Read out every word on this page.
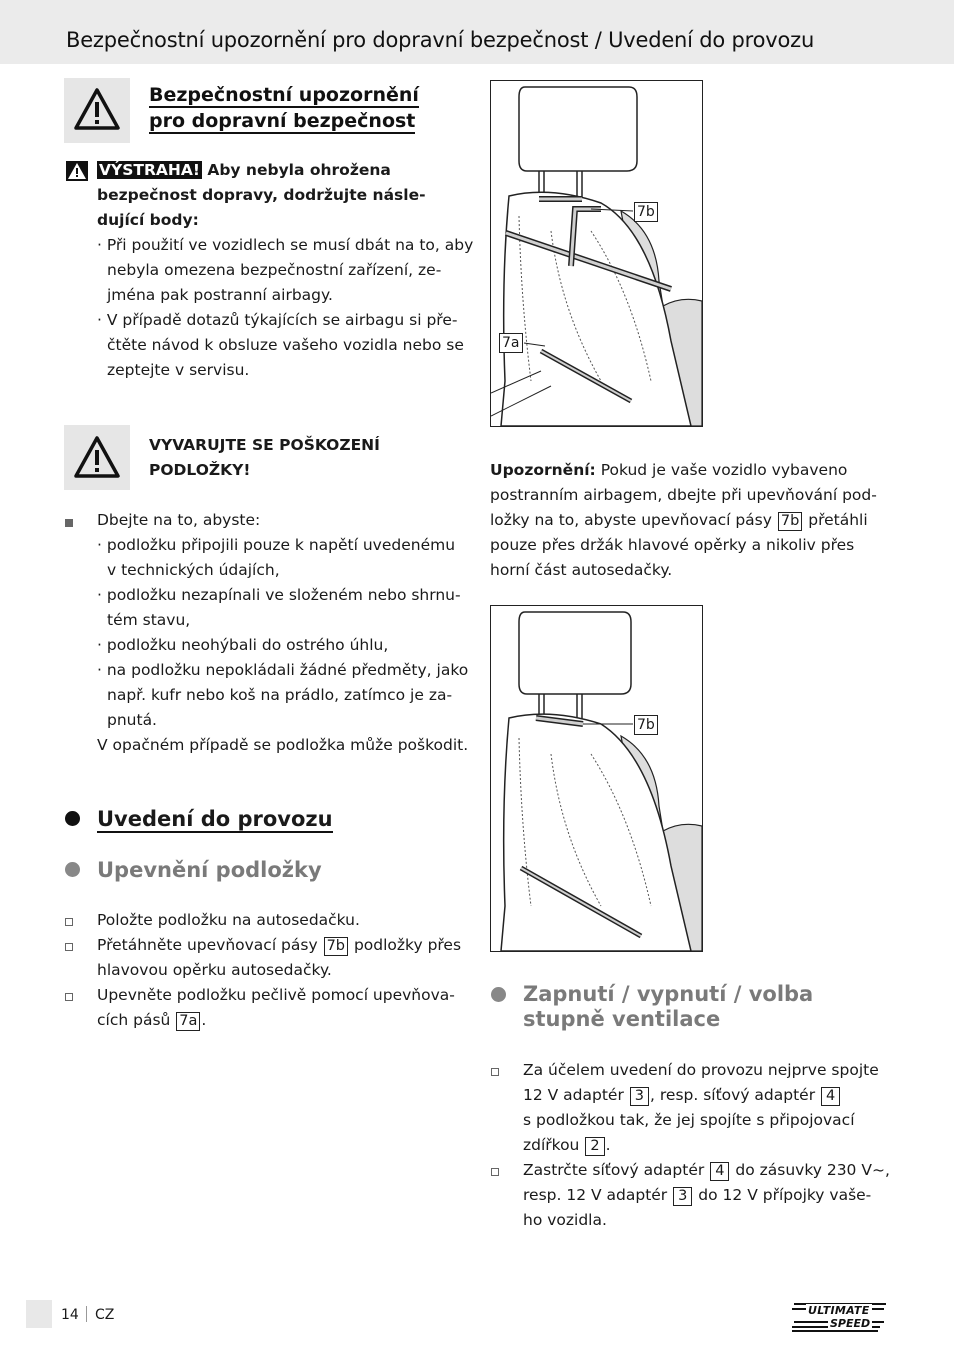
Bezpečnostní upozornění pro dopravní bezpečnost / Uvedení do provozu
Bezpečnostní upozornění
pro dopravní bezpečnost
VÝSTRAHA! Aby nebyla ohrožena
bezpečnost dopravy, dodržujte násle-
dující body:
· Při použití ve vozidlech se musí dbát na to, aby
nebyla omezena bezpečnostní zařízení, ze-
jména pak postranní airbagy.
· V případě dotazů týkajících se airbagu si pře-
čtěte návod k obsluze vašeho vozidla nebo se
zeptejte v servisu.
VYVARUJTE SE POŠKOZENÍ
PODLOŽKY!
Dbejte na to, abyste:
· podložku připojili pouze k napětí uvedenému
v technických údajích,
· podložku nezapínali ve složeném nebo shrnu-
tém stavu,
· podložku neohýbali do ostrého úhlu,
· na podložku nepokládali žádné předměty, jako
např. kufr nebo koš na prádlo, zatímco je za-
pnutá.
V opačném případě se podložka může poškodit.
Uvedení do provozu
Upevnění podložky
Položte podložku na autosedačku.
Přetáhněte upevňovací pásy 7b podložky přes
hlavovou opěrku autosedačky.
Upevněte podložku pečlivě pomocí upevňova-
cích pásů 7a .
7b
7a
Upozornění: Pokud je vaše vozidlo vybaveno
postranním airbagem, dbejte při upevňování pod-
ložky na to, abyste upevňovací pásy 7b přetáhli
pouze přes držák hlavové opěrky a nikoliv přes
horní část autosedačky.
7b
Zapnutí / vypnutí / volba
stupně ventilace
Za účelem uvedení do provozu nejprve spojte
12 V adaptér 3 , resp. síťový adaptér 4
s podložkou tak, že jej spojíte s připojovací
zdířkou 2 .
Zastrčte síťový adaptér 4 do zásuvky 230 V~,
resp. 12 V adaptér 3 do 12 V přípojky vaše-
ho vozidla.
14 CZ	ULTIMATE
SPEED
